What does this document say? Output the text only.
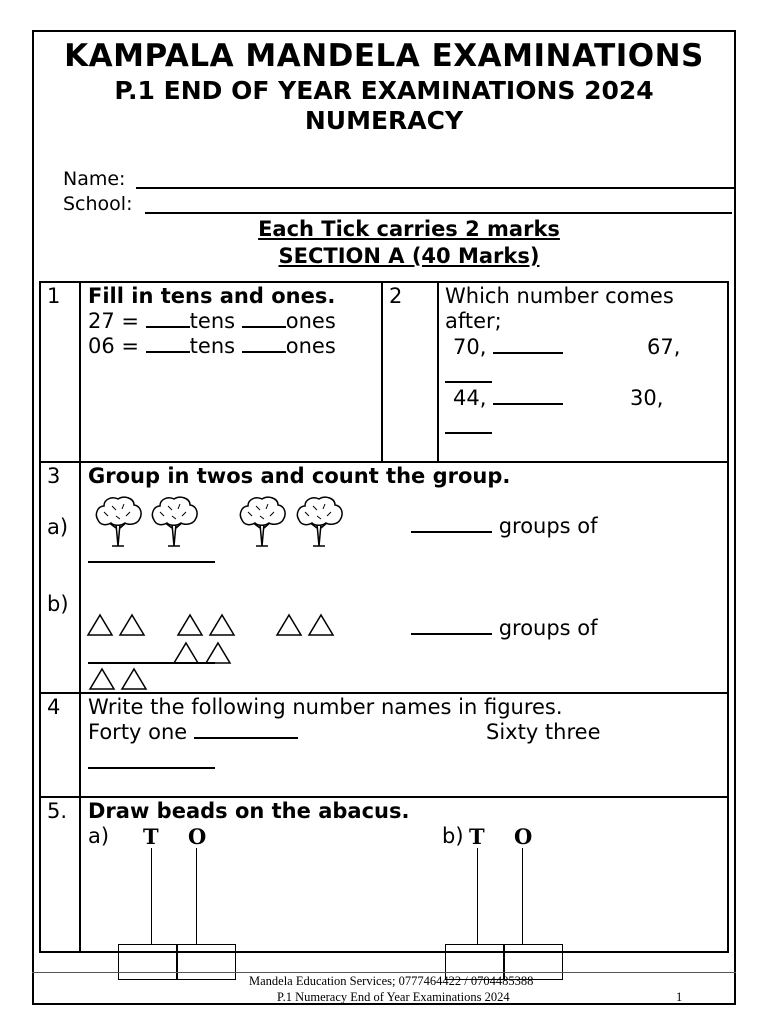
KAMPALA MANDELA EXAMINATIONS
P.1 END OF YEAR EXAMINATIONS 2024
NUMERACY
Name:
School:
Each Tick carries 2 marks
SECTION A (40 Marks)
1 Fill in tens and ones.
27 = tens ones
06 = tens ones
2 Which number comes
after;
70,	67,
44,	30,
3 Group in twos and count the group.
a)	groups of
b)
groups of
4 Write the following number names in figures.
Forty one	Sixty three
5. Draw beads on the abacus.
a) T O	b) T O
Mandela Education Services; 0777464422 / 0704485388
P.1 Numeracy End of Year Examinations 2024	1
